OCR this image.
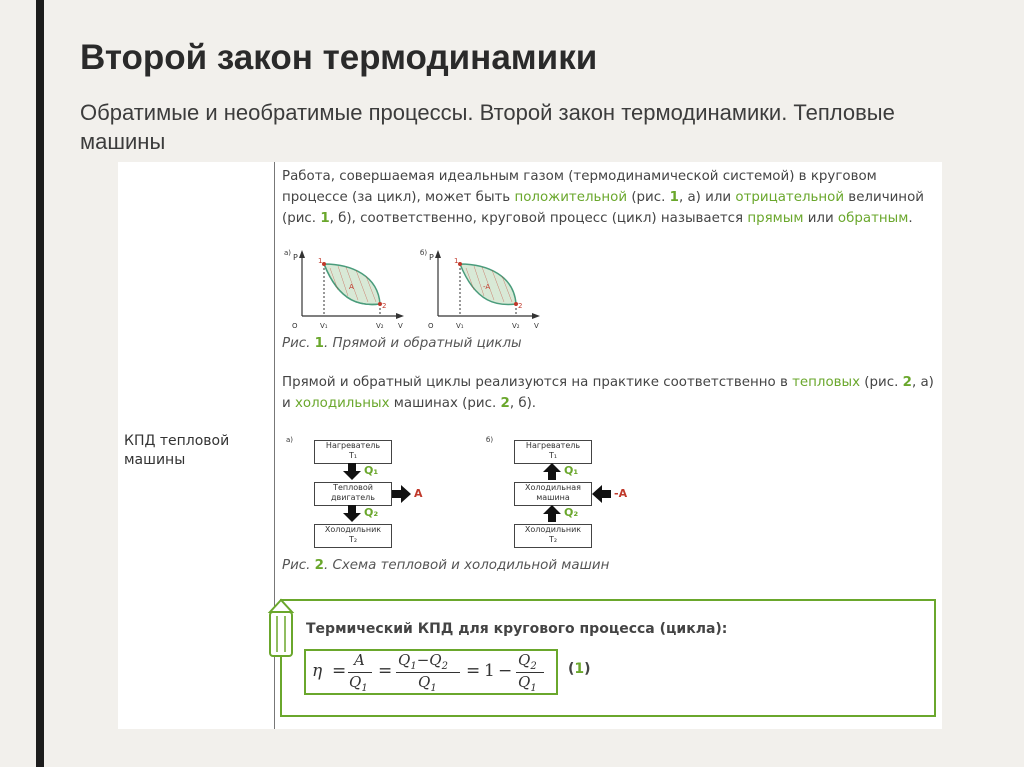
Второй закон термодинамики
Обратимые и необратимые процессы. Второй закон термодинамики. Тепловые машины
КПД тепловой машины
Работа, совершаемая идеальным газом (термодинамической системой) в круговом процессе (за цикл), может быть положительной (рис. 1, а) или отрицательной величиной (рис. 1, б), соответственно, круговой процесс (цикл) называется прямым или обратным.
а) P	1
2
A
O	V₁	V₂ V
б) P	1
2
-A
O	V₁	V₂ V
Рис. 1. Прямой и обратный циклы
Прямой и обратный циклы реализуются на практике соответственно в тепловых (рис. 2, а) и холодильных машинах (рис. 2, б).
а)
Нагреватель
T₁
Q₁
Тепловой
двигатель	A
Q₂
Холодильник
T₂
б)
Нагреватель
T₁
Q₁
Холодильная
машина	-A
Q₂
Холодильник
T₂
Рис. 2. Схема тепловой и холодильной машин
Термический КПД для кругового процесса (цикла):
η =
A
$Q_1$
=
$Q_1-Q_2$
$Q_1$
= 1 −
$Q_2$
$Q_1$
(1)
